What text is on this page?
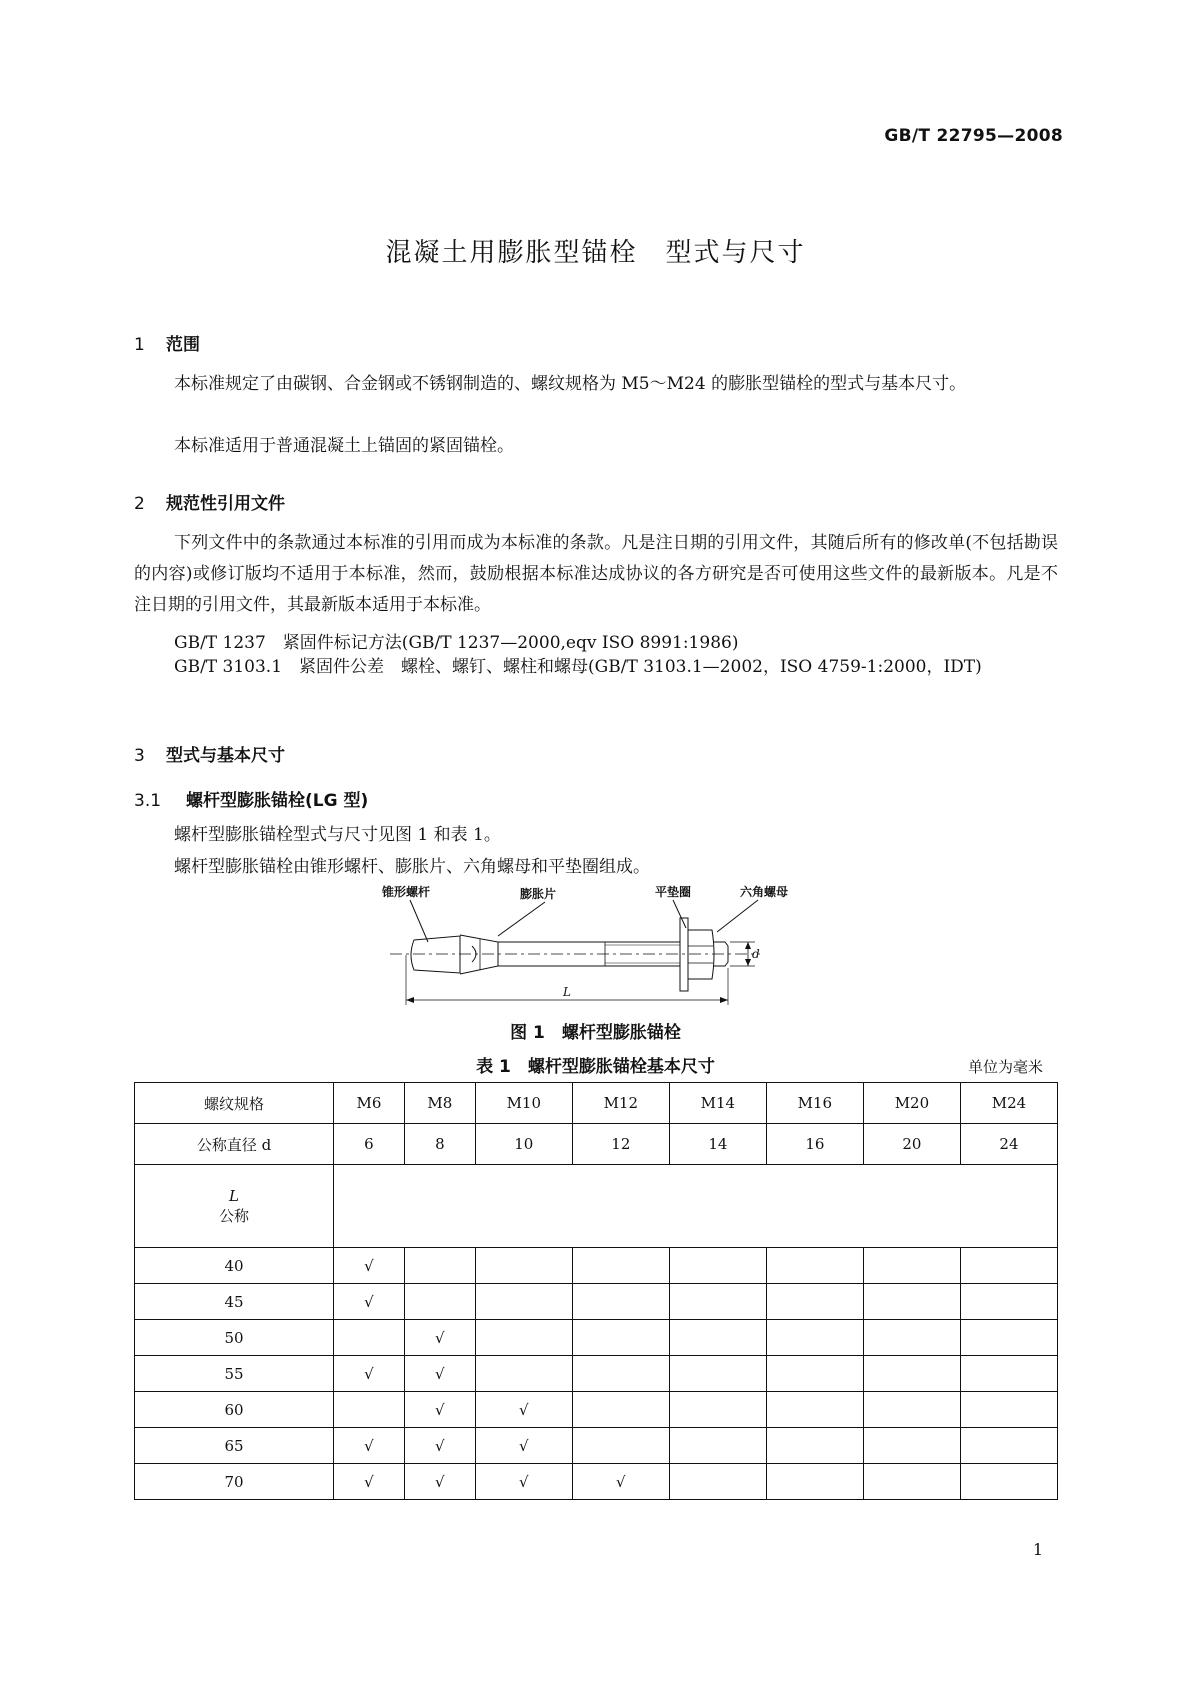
GB/T 22795—2008
混凝土用膨胀型锚栓　型式与尺寸
1 范围
本标准规定了由碳钢、合金钢或不锈钢制造的、螺纹规格为 M5～M24 的膨胀型锚栓的型式与基本尺寸。
本标准适用于普通混凝土上锚固的紧固锚栓。
2 规范性引用文件
下列文件中的条款通过本标准的引用而成为本标准的条款。凡是注日期的引用文件，其随后所有的修改单(不包括勘误的内容)或修订版均不适用于本标准，然而，鼓励根据本标准达成协议的各方研究是否可使用这些文件的最新版本。凡是不注日期的引用文件，其最新版本适用于本标准。
GB/T 1237　紧固件标记方法(GB/T 1237—2000,eqv ISO 8991:1986)
GB/T 3103.1　紧固件公差　螺栓、螺钉、螺柱和螺母(GB/T 3103.1—2002，ISO 4759-1:2000，IDT)
3 型式与基本尺寸
3.1 螺杆型膨胀锚栓(LG 型)
螺杆型膨胀锚栓型式与尺寸见图 1 和表 1。
螺杆型膨胀锚栓由锥形螺杆、膨胀片、六角螺母和平垫圈组成。
锥形螺杆	膨胀片	平垫圈	六角螺母
d
L
图 1　螺杆型膨胀锚栓
表 1　螺杆型膨胀锚栓基本尺寸	单位为毫米
螺纹规格	M6	M8	M10	M12	M14	M16	M20	M24
公称直径 d	6	8	10	12	14	16	20	24

L
公称								

40	√							
45	√							
50		√						
55	√	√						
60		√	√					
65	√	√	√					
70	√	√	√	√				
1
